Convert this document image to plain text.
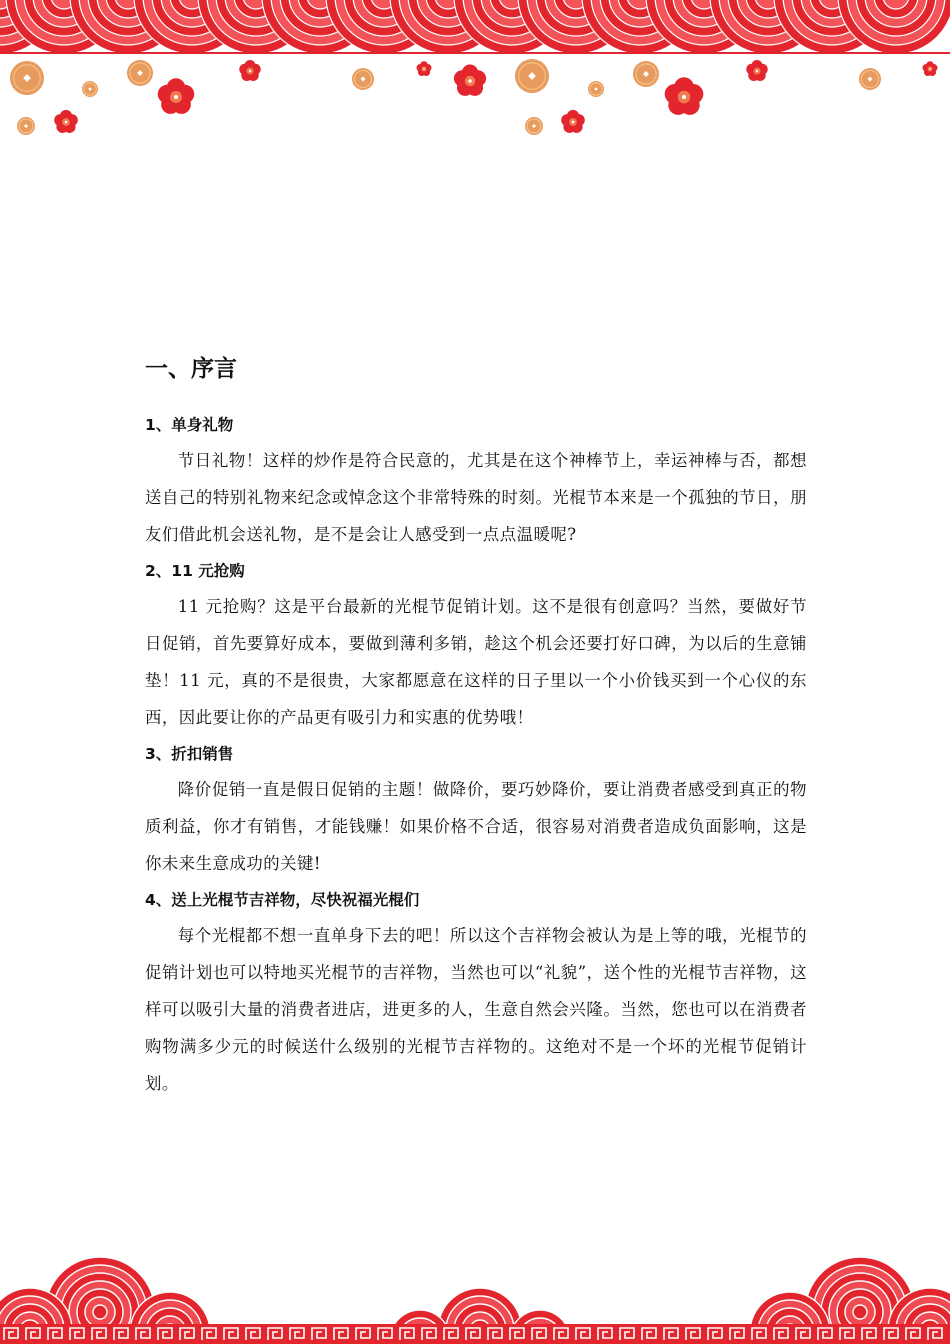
一、序言
1、单身礼物

节日礼物！这样的炒作是符合民意的，尤其是在这个神棒节上，幸运神棒与否，都想送自己的特别礼物来纪念或悼念这个非常特殊的时刻。光棍节本来是一个孤独的节日，朋友们借此机会送礼物，是不是会让人感受到一点点温暖呢?

2、11 元抢购

11 元抢购？这是平台最新的光棍节促销计划。这不是很有创意吗？当然，要做好节日促销，首先要算好成本，要做到薄利多销，趁这个机会还要打好口碑，为以后的生意铺垫！11 元，真的不是很贵，大家都愿意在这样的日子里以一个小价钱买到一个心仪的东西，因此要让你的产品更有吸引力和实惠的优势哦！

3、折扣销售

降价促销一直是假日促销的主题！做降价，要巧妙降价，要让消费者感受到真正的物质利益，你才有销售，才能钱赚！如果价格不合适，很容易对消费者造成负面影响，这是你未来生意成功的关键!

4、送上光棍节吉祥物，尽快祝福光棍们

每个光棍都不想一直单身下去的吧！所以这个吉祥物会被认为是上等的哦，光棍节的促销计划也可以特地买光棍节的吉祥物，当然也可以“礼貌”，送个性的光棍节吉祥物，这样可以吸引大量的消费者进店，进更多的人，生意自然会兴隆。当然，您也可以在消费者购物满多少元的时候送什么级别的光棍节吉祥物的。这绝对不是一个坏的光棍节促销计划。
